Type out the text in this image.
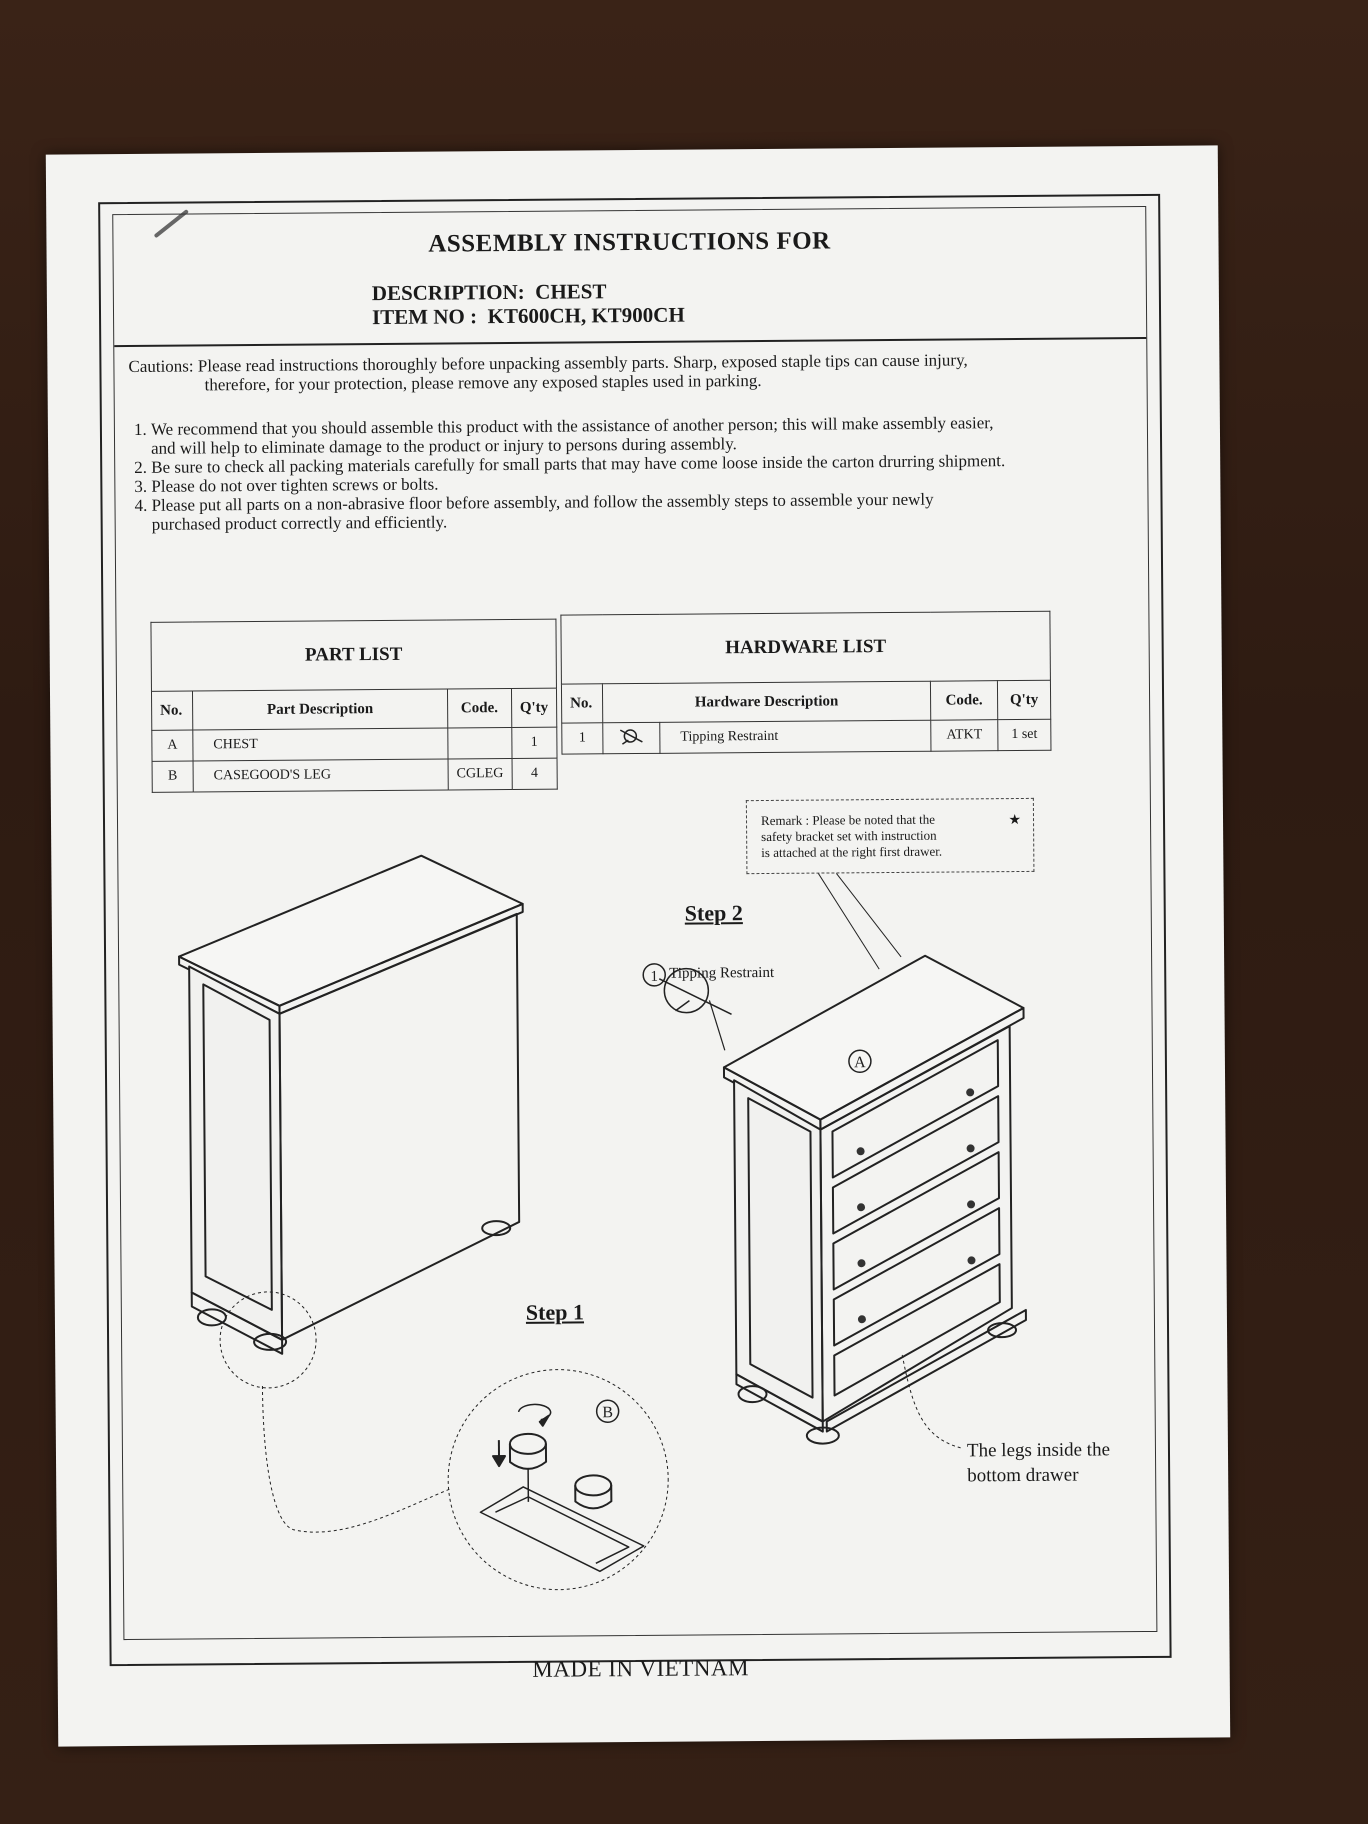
ASSEMBLY INSTRUCTIONS FOR
DESCRIPTION: CHEST
ITEM NO : KT600CH, KT900CH
Cautions: Please read instructions thoroughly before unpacking assembly parts. Sharp, exposed staple tips can cause injury,
therefore, for your protection, please remove any exposed staples used in parking.
1. We recommend that you should assemble this product with the assistance of another person; this will make assembly easier,
and will help to eliminate damage to the product or injury to persons during assembly.
2. Be sure to check all packing materials carefully for small parts that may have come loose inside the carton drurring shipment.
3. Please do not over tighten screws or bolts.
4. Please put all parts on a non-abrasive floor before assembly, and follow the assembly steps to assemble your newly
purchased product correctly and efficiently.
PART LIST			
No.	Part Description	Code.	Q'ty
A	CHEST		1
B	CASEGOOD'S LEG	CGLEG	4
HARDWARE LIST				
No.	Hardware Description		Code.	Q'ty
1		Tipping Restraint	ATKT	1 set
Remark : Please be noted that the
safety bracket set with instruction
is attached at the right first drawer.
★
A
B
1
Step 2
Tipping Restraint
Step 1
The legs inside the
bottom drawer
MADE IN VIETNAM
